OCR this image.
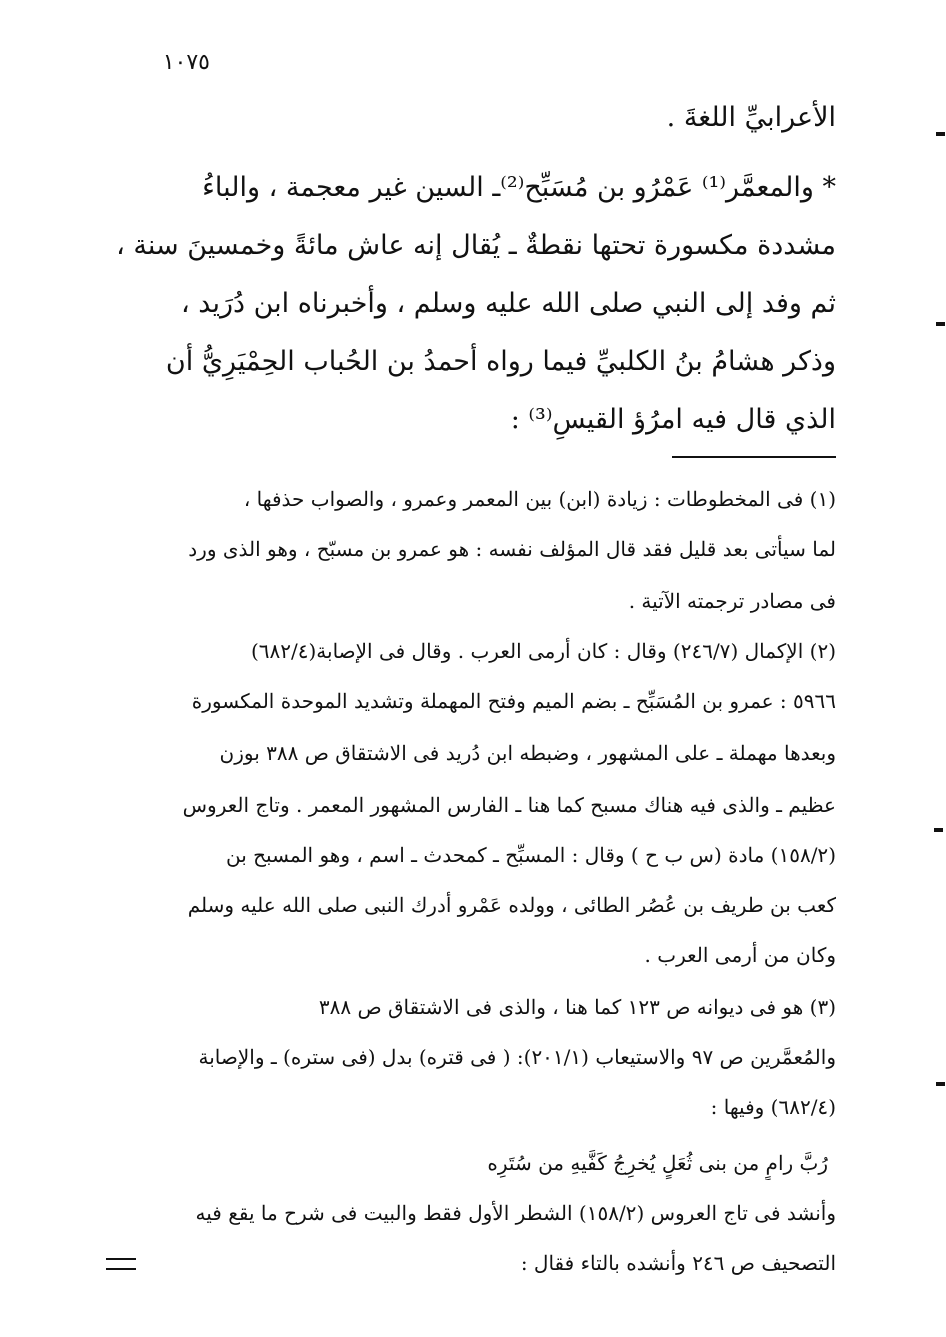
١٠٧٥
الأعرابيِّ اللغةَ .
* والمعمَّر⁽¹⁾ عَمْرُو بن مُسَبِّح⁽²⁾ـ السين غير معجمة ، والباءُ
مشددة مكسورة تحتها نقطةٌ ـ يُقال إنه عاش مائةً وخمسينَ سنة ،
ثم وفد إلى النبي صلى الله عليه وسلم ، وأخبرناه ابن دُرَيد ،
وذكر هشامُ بنُ الكلبيِّ فيما رواه أحمدُ بن الحُباب الحِمْيَرِيُّ أن
الذي قال فيه امرُؤ القيسِ⁽³⁾ :
(١) فى المخطوطات : زيادة (ابن) بين المعمر وعمرو ، والصواب حذفها ،
لما سيأتى بعد قليل فقد قال المؤلف نفسه : هو عمرو بن مسبّح ، وهو الذى ورد
فى مصادر ترجمته الآتية .
(٢) الإكمال (٢٤٦/٧) وقال : كان أرمى العرب . وقال فى الإصابة(٦٨٢/٤)
٥٩٦٦ : عمرو بن المُسَبِّح ـ بضم الميم وفتح المهملة وتشديد الموحدة المكسورة
وبعدها مهملة ـ على المشهور ، وضبطه ابن دُريد فى الاشتقاق ص ٣٨٨ بوزن
عظيم ـ والذى فيه هناك مسبح كما هنا ـ الفارس المشهور المعمر . وتاج العروس
(١٥٨/٢) مادة (س ب ح ) وقال : المسبِّح ـ كمحدث ـ اسم ، وهو المسبح بن
كعب بن طريف بن عُصُر الطائى ، وولده عَمْرو أدرك النبى صلى الله عليه وسلم
وكان من أرمى العرب .
(٣) هو فى ديوانه ص ١٢٣ كما هنا ، والذى فى الاشتقاق ص ٣٨٨
والمُعمَّرين ص ٩٧ والاستيعاب (٢٠١/١): ( فى قتره) بدل (فى ستره) ـ والإصابة
(٦٨٢/٤) وفيها :
رُبَّ رامٍ من بنى ثُعَلٍ يُخرِجُ كَفَّيهِ من سُتَرِه
وأنشد فى تاج العروس (١٥٨/٢) الشطر الأول فقط والبيت فى شرح ما يقع فيه
التصحيف ص ٢٤٦ وأنشده بالتاء فقال :
